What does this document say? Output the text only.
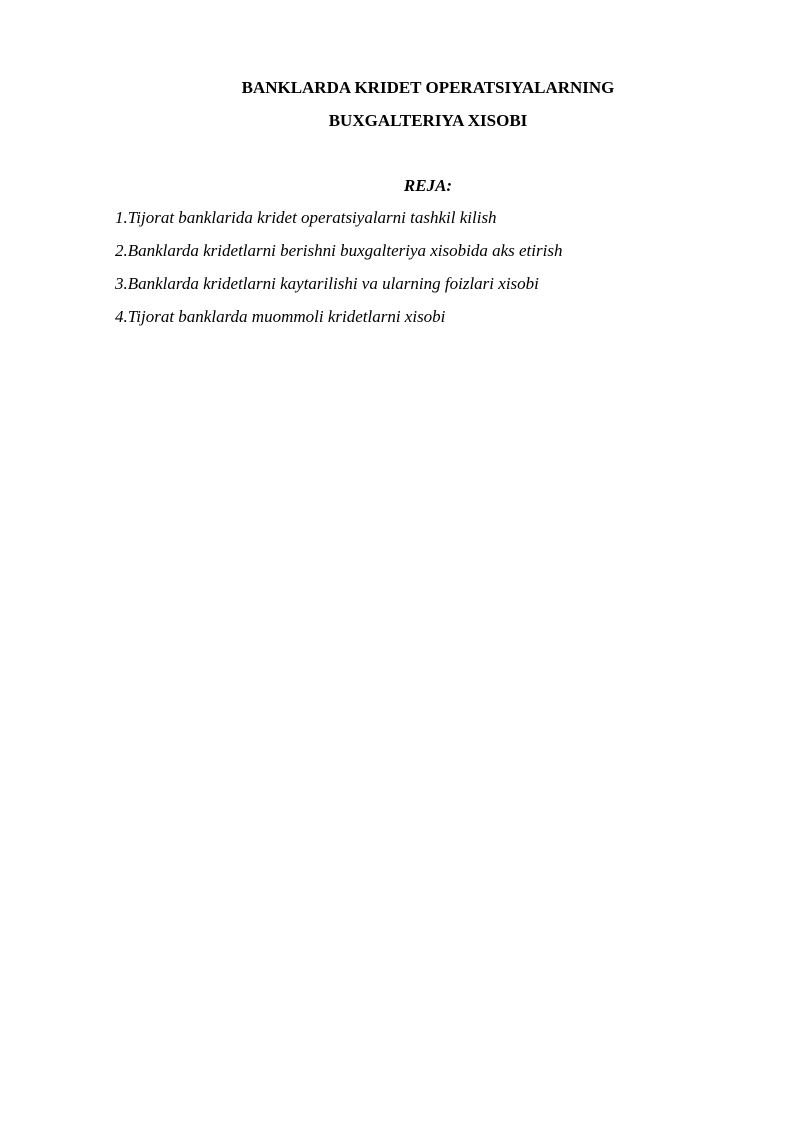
BANKLARDA KRIDET OPERATSIYALARNING
BUXGALTERIYA XISOBI
REJA:
1.Tijorat banklarida kridet operatsiyalarni tashkil kilish
2.Banklarda kridetlarni berishni buxgalteriya xisobida aks etirish
3.Banklarda kridetlarni kaytarilishi va ularning foizlari xisobi
4.Tijorat banklarda muommoli kridetlarni xisobi
